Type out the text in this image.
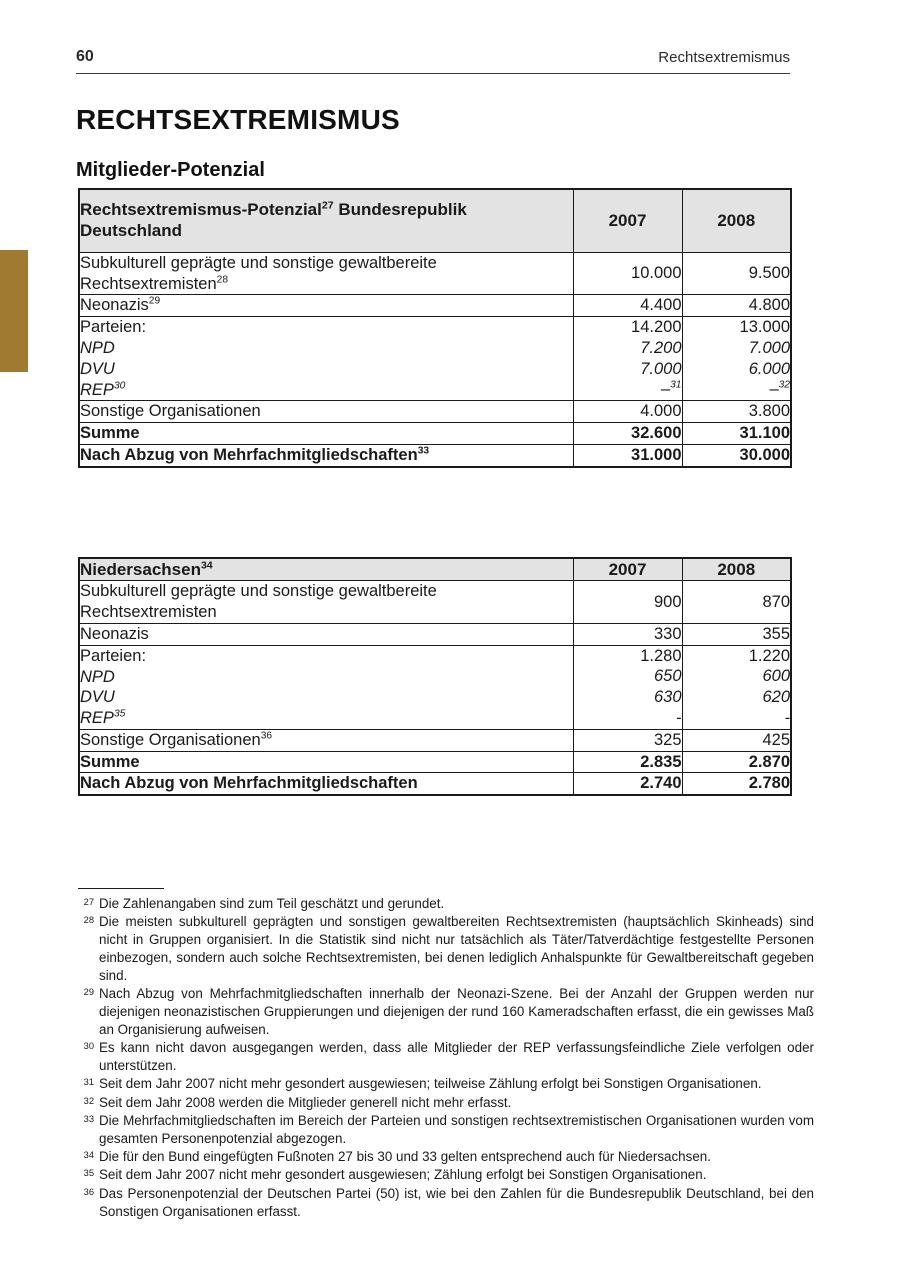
60	Rechtsextremismus
RECHTSEXTREMISMUS
Mitglieder-Potenzial
Rechtsextremismus-Potenzial$^{27}$ Bundesrepublik Deutschland	2007	2008
Subkulturell geprägte und sonstige gewaltbereite Rechtsextremisten$^{28}$	10.000	9.500
Neonazis$^{29}$	4.400	4.800
Parteien:	14.200	13.000
NPD	7.200	7.000
DVU	7.000	6.000
REP$^{30}$	–$^{31}$	–$^{32}$
Sonstige Organisationen	4.000	3.800
Summe	32.600	31.100
Nach Abzug von Mehrfachmitgliedschaften$^{33}$	31.000	30.000
Niedersachsen$^{34}$	2007	2008
Subkulturell geprägte und sonstige gewaltbereite Rechtsextremisten	900	870
Neonazis	330	355
Parteien:	1.280	1.220
NPD	650	600
DVU	630	620
REP$^{35}$	-	-
Sonstige Organisationen$^{36}$	325	425
Summe	2.835	2.870
Nach Abzug von Mehrfachmitgliedschaften	2.740	2.780
27 Die Zahlenangaben sind zum Teil geschätzt und gerundet.
28 Die meisten subkulturell geprägten und sonstigen gewaltbereiten Rechtsextremisten (hauptsächlich Skinheads) sind nicht in Gruppen organisiert. In die Statistik sind nicht nur tatsächlich als Täter/Tatverdächtige festgestellte Personen einbezogen, sondern auch solche Rechtsextremisten, bei denen lediglich Anhalspunkte für Gewaltbereitschaft gegeben sind.
29 Nach Abzug von Mehrfachmitgliedschaften innerhalb der Neonazi-Szene. Bei der Anzahl der Gruppen werden nur diejenigen neonazistischen Gruppierungen und diejenigen der rund 160 Kameradschaften erfasst, die ein gewisses Maß an Organisierung aufweisen.
30 Es kann nicht davon ausgegangen werden, dass alle Mitglieder der REP verfassungsfeindliche Ziele verfolgen oder unterstützen.
31 Seit dem Jahr 2007 nicht mehr gesondert ausgewiesen; teilweise Zählung erfolgt bei Sonstigen Organisationen.
32 Seit dem Jahr 2008 werden die Mitglieder generell nicht mehr erfasst.
33 Die Mehrfachmitgliedschaften im Bereich der Parteien und sonstigen rechtsextremistischen Organisationen wurden vom gesamten Personenpotenzial abgezogen.
34 Die für den Bund eingefügten Fußnoten 27 bis 30 und 33 gelten entsprechend auch für Niedersachsen.
35 Seit dem Jahr 2007 nicht mehr gesondert ausgewiesen; Zählung erfolgt bei Sonstigen Organisationen.
36 Das Personenpotenzial der Deutschen Partei (50) ist, wie bei den Zahlen für die Bundesrepublik Deutschland, bei den Sonstigen Organisationen erfasst.
